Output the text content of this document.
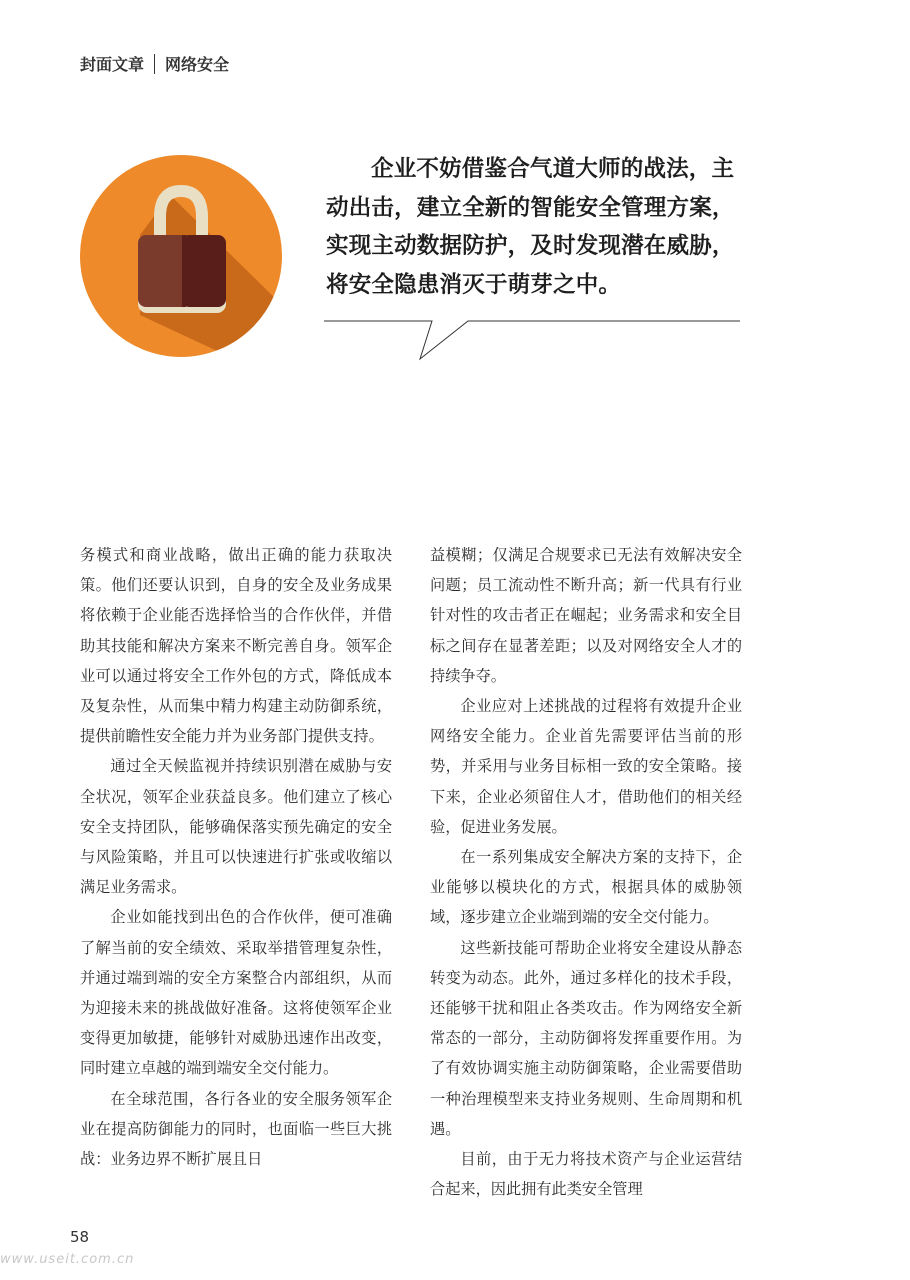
封面文章 网络安全
企业不妨借鉴合气道大师的战法，主动出击，建立全新的智能安全管理方案，实现主动数据防护，及时发现潜在威胁，将安全隐患消灭于萌芽之中。

务模式和商业战略，做出正确的能力获取决策。他们还要认识到，自身的安全及业务成果将依赖于企业能否选择恰当的合作伙伴，并借助其技能和解决方案来不断完善自身。领军企业可以通过将安全工作外包的方式，降低成本及复杂性，从而集中精力构建主动防御系统，提供前瞻性安全能力并为业务部门提供支持。

通过全天候监视并持续识别潜在威胁与安全状况，领军企业获益良多。他们建立了核心安全支持团队，能够确保落实预先确定的安全与风险策略，并且可以快速进行扩张或收缩以满足业务需求。

企业如能找到出色的合作伙伴，便可准确了解当前的安全绩效、采取举措管理复杂性，并通过端到端的安全方案整合内部组织，从而为迎接未来的挑战做好准备。这将使领军企业变得更加敏捷，能够针对威胁迅速作出改变，同时建立卓越的端到端安全交付能力。

在全球范围，各行各业的安全服务领军企业在提高防御能力的同时，也面临一些巨大挑战：业务边界不断扩展且日

益模糊；仅满足合规要求已无法有效解决安全问题；员工流动性不断升高；新一代具有行业针对性的攻击者正在崛起；业务需求和安全目标之间存在显著差距；以及对网络安全人才的持续争夺。

企业应对上述挑战的过程将有效提升企业网络安全能力。企业首先需要评估当前的形势，并采用与业务目标相一致的安全策略。接下来，企业必须留住人才，借助他们的相关经验，促进业务发展。

在一系列集成安全解决方案的支持下，企业能够以模块化的方式，根据具体的威胁领域，逐步建立企业端到端的安全交付能力。

这些新技能可帮助企业将安全建设从静态转变为动态。此外，通过多样化的技术手段，还能够干扰和阻止各类攻击。作为网络安全新常态的一部分，主动防御将发挥重要作用。为了有效协调实施主动防御策略，企业需要借助一种治理模型来支持业务规则、生命周期和机遇。

目前，由于无力将技术资产与企业运营结合起来，因此拥有此类安全管理

58
www.useit.com.cn
